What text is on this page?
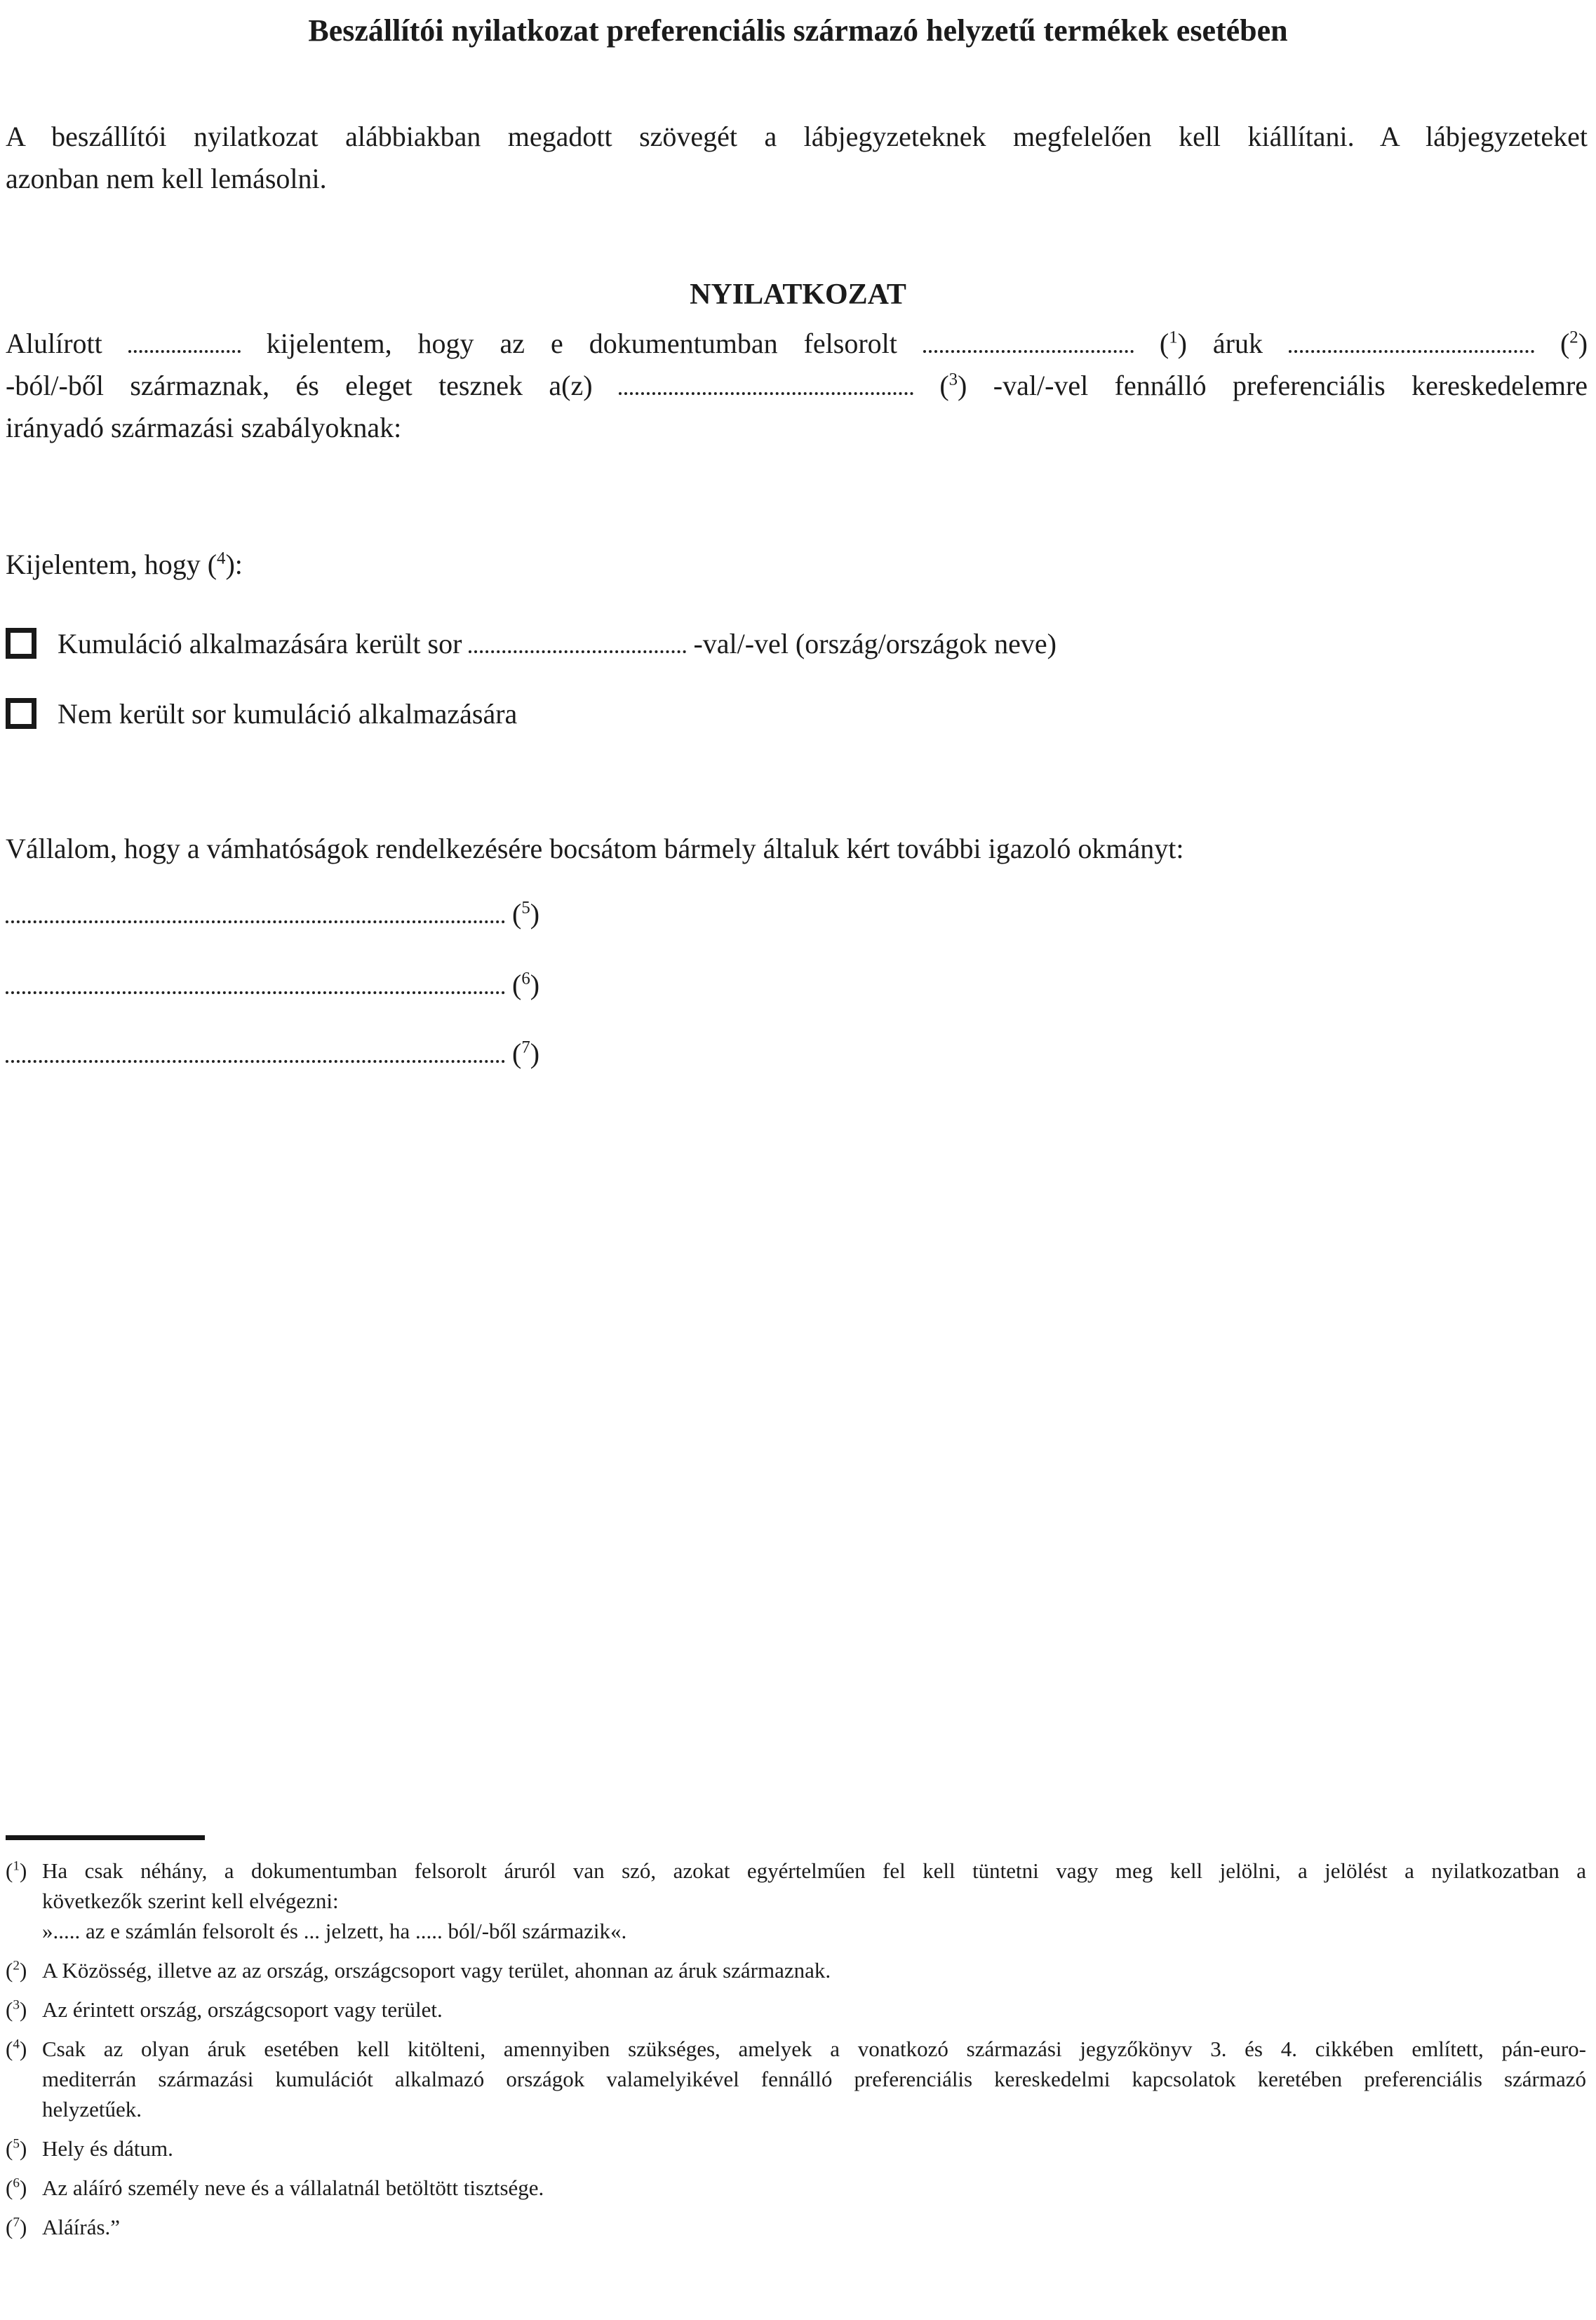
Beszállítói nyilatkozat preferenciális származó helyzetű termékek esetében
A beszállítói nyilatkozat alábbiakban megadott szövegét a lábjegyzeteknek megfelelően kell kiállítani. A lábjegyzeteket
azonban nem kell lemásolni.
NYILATKOZAT
Alulírott	kijelentem, hogy az e dokumentumban felsorolt	($^1$) áruk	($^2$)
-ból/-ből származnak, és eleget tesznek a(z)	($^3$) -val/-vel fennálló preferenciális kereskedelemre
irányadó származási szabályoknak:
Kijelentem, hogy ($^4$):
Kumuláció alkalmazására került sor	-val/-vel (ország/országok neve)
Nem került sor kumuláció alkalmazására
Vállalom, hogy a vámhatóságok rendelkezésére bocsátom bármely általuk kért további igazoló okmányt:
($^5$)
($^6$)
($^7$)
($^1$) Ha csak néhány, a dokumentumban felsorolt áruról van szó, azokat egyértelműen fel kell tüntetni vagy meg kell jelölni, a jelölést a nyilatkozatban a
következők szerint kell elvégezni:
»..... az e számlán felsorolt és ... jelzett, ha ..... ból/-ből származik«.
($^2$) A Közösség, illetve az az ország, országcsoport vagy terület, ahonnan az áruk származnak.
($^3$) Az érintett ország, országcsoport vagy terület.
($^4$) Csak az olyan áruk esetében kell kitölteni, amennyiben szükséges, amelyek a vonatkozó származási jegyzőkönyv 3. és 4. cikkében említett, pán-euro-
mediterrán származási kumulációt alkalmazó országok valamelyikével fennálló preferenciális kereskedelmi kapcsolatok keretében preferenciális származó
helyzetűek.
($^5$) Hely és dátum.
($^6$) Az aláíró személy neve és a vállalatnál betöltött tisztsége.
($^7$) Aláírás.”
